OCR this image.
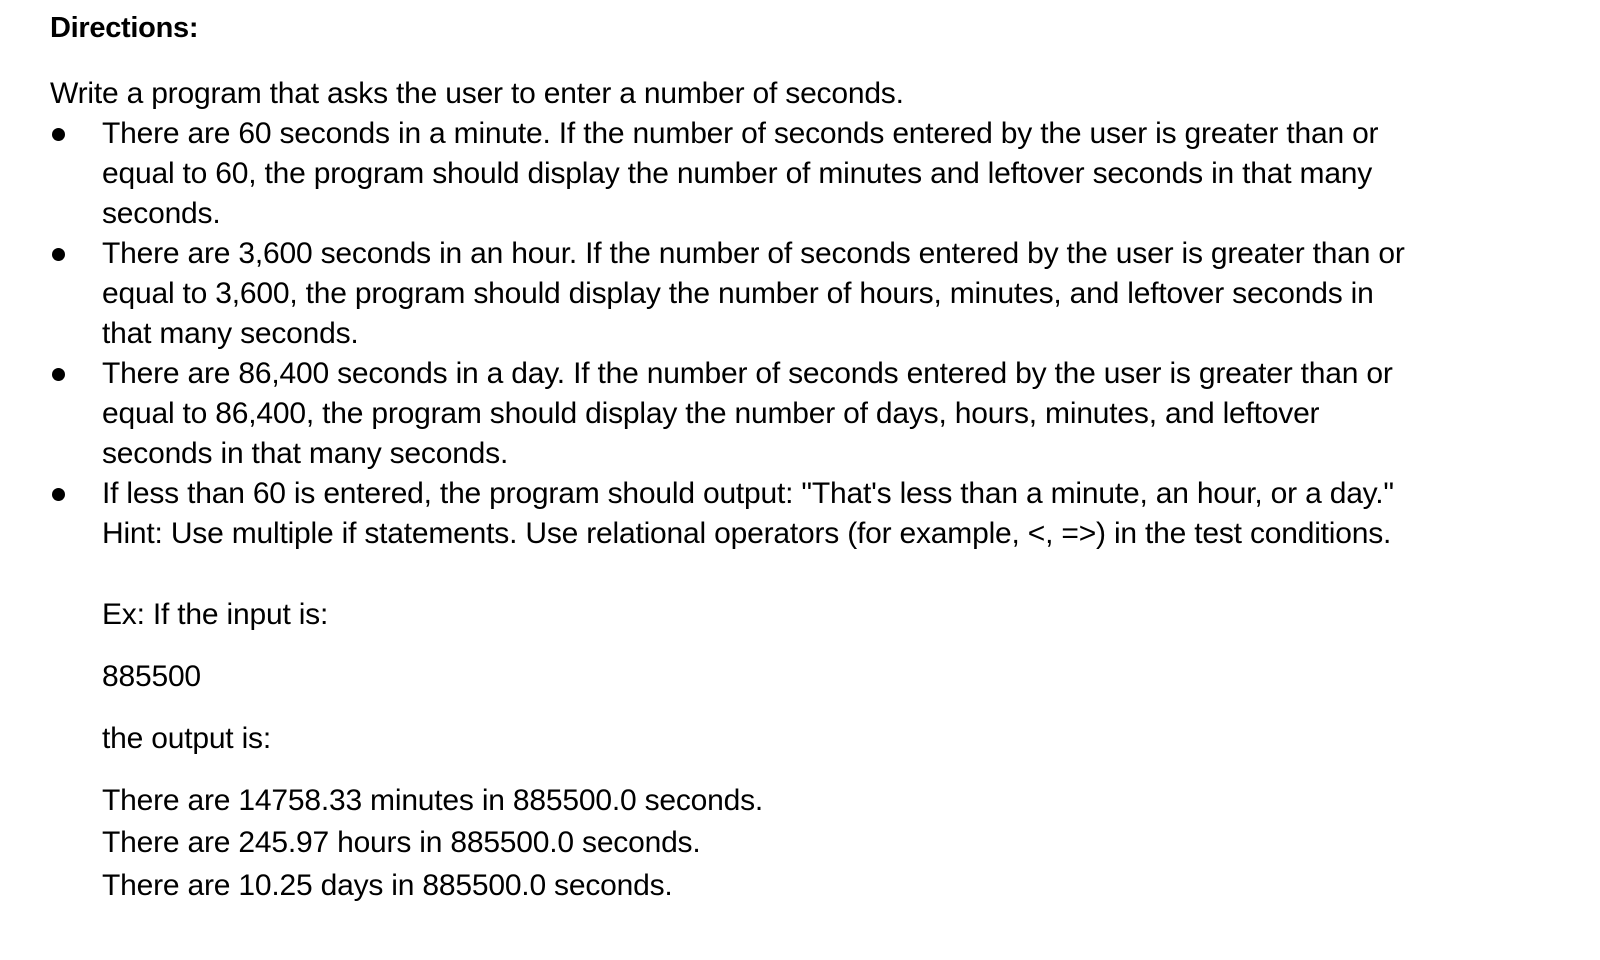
Directions:
Write a program that asks the user to enter a number of seconds.
There are 60 seconds in a minute. If the number of seconds entered by the user is greater than or
equal to 60, the program should display the number of minutes and leftover seconds in that many
seconds.
There are 3,600 seconds in an hour. If the number of seconds entered by the user is greater than or
equal to 3,600, the program should display the number of hours, minutes, and leftover seconds in
that many seconds.
There are 86,400 seconds in a day. If the number of seconds entered by the user is greater than or
equal to 86,400, the program should display the number of days, hours, minutes, and leftover
seconds in that many seconds.
If less than 60 is entered, the program should output: "That's less than a minute, an hour, or a day."
Hint: Use multiple if statements. Use relational operators (for example, <, =>) in the test conditions.
Ex: If the input is:
885500
the output is:
There are 14758.33 minutes in 885500.0 seconds.
There are 245.97 hours in 885500.0 seconds.
There are 10.25 days in 885500.0 seconds.
